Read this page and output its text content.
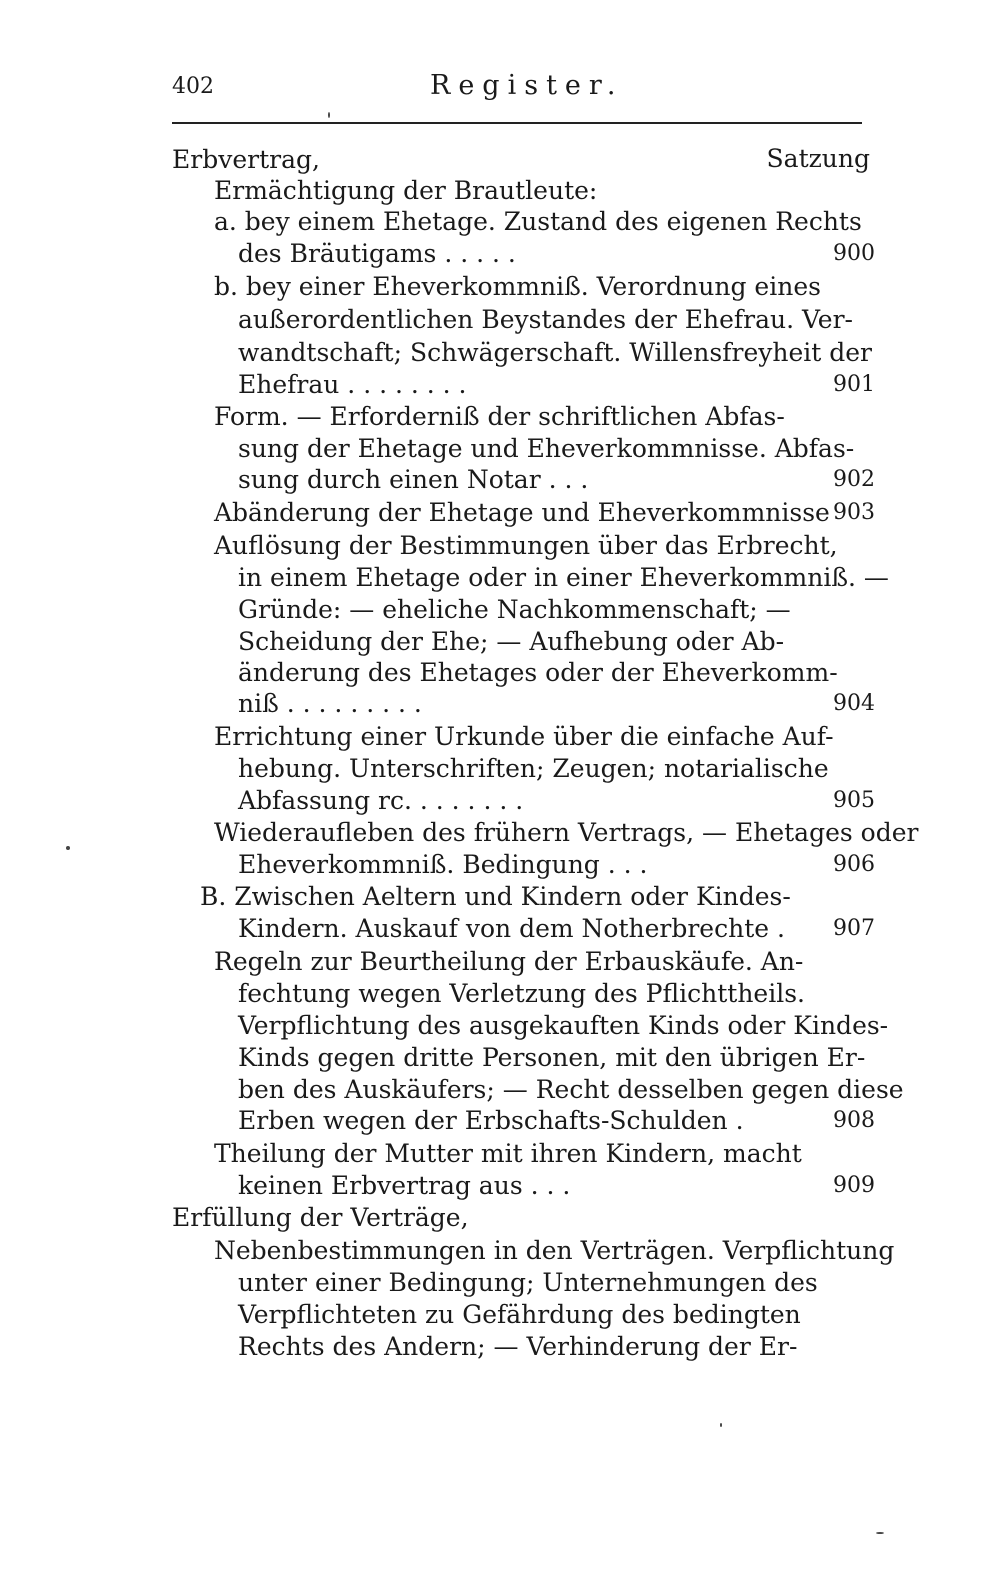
402	Register.
Satzung
Erbvertrag,
Ermächtigung der Brautleute:
a. bey einem Ehetage. Zustand des eigenen Rechts
des Bräutigams . . . . .	900
b. bey einer Eheverkommniß. Verordnung eines
außerordentlichen Beystandes der Ehefrau. Ver-
wandtschaft; Schwägerschaft. Willensfreyheit der
Ehefrau . . . . . . . .	901
Form. — Erforderniß der schriftlichen Abfas-
sung der Ehetage und Eheverkommnisse. Abfas-
sung durch einen Notar . . .	902
Abänderung der Ehetage und Eheverkommnisse 903
Auflösung der Bestimmungen über das Erbrecht,
in einem Ehetage oder in einer Eheverkommniß. —
Gründe: — eheliche Nachkommenschaft; —
Scheidung der Ehe; — Aufhebung oder Ab-
änderung des Ehetages oder der Eheverkomm-
niß . . . . . . . . .	904
Errichtung einer Urkunde über die einfache Auf-
hebung. Unterschriften; Zeugen; notarialische
Abfassung rc. . . . . . . .	905
Wiederaufleben des frühern Vertrags, — Ehetages oder
Eheverkommniß. Bedingung . . .	906
B. Zwischen Aeltern und Kindern oder Kindes-
Kindern. Auskauf von dem Notherbrechte . 907
Regeln zur Beurtheilung der Erbauskäufe. An-
fechtung wegen Verletzung des Pflichttheils.
Verpflichtung des ausgekauften Kinds oder Kindes-
Kinds gegen dritte Personen, mit den übrigen Er-
ben des Auskäufers; — Recht desselben gegen diese
Erben wegen der Erbschafts-Schulden .	908
Theilung der Mutter mit ihren Kindern, macht
keinen Erbvertrag aus . . .	909
Erfüllung der Verträge,
Nebenbestimmungen in den Verträgen. Verpflichtung
unter einer Bedingung; Unternehmungen des
Verpflichteten zu Gefährdung des bedingten
Rechts des Andern; — Verhinderung der Er-
